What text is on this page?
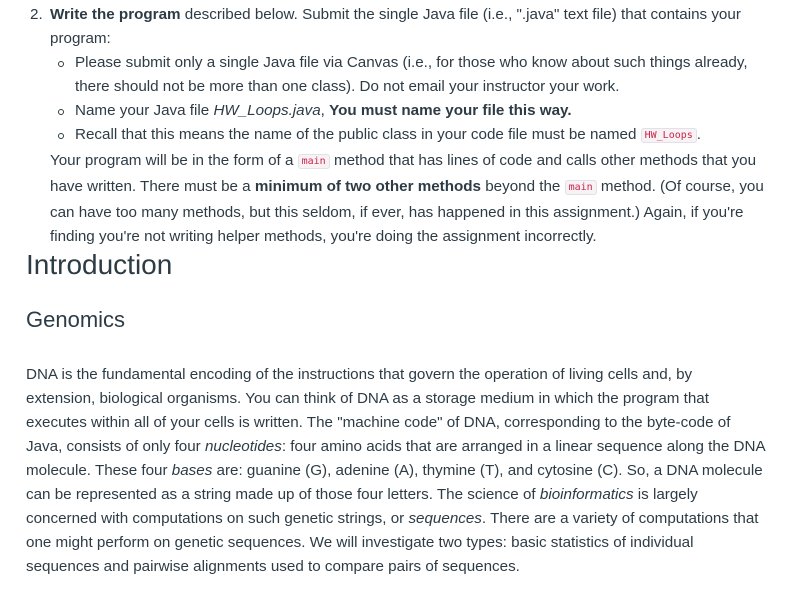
2. Write the program described below. Submit the single Java file (i.e., ".java" text file) that contains your program:
Please submit only a single Java file via Canvas (i.e., for those who know about such things already, there should not be more than one class). Do not email your instructor your work.
Name your Java file HW_Loops.java, You must name your file this way.
Recall that this means the name of the public class in your code file must be named HW_Loops .
Your program will be in the form of a main method that has lines of code and calls other methods that you have written. There must be a minimum of two other methods beyond the main method. (Of course, you can have too many methods, but this seldom, if ever, has happened in this assignment.) Again, if you're finding you're not writing helper methods, you're doing the assignment incorrectly.
Introduction
Genomics

DNA is the fundamental encoding of the instructions that govern the operation of living cells and, by extension, biological organisms. You can think of DNA as a storage medium in which the program that executes within all of your cells is written. The "machine code" of DNA, corresponding to the byte-code of Java, consists of only four nucleotides: four amino acids that are arranged in a linear sequence along the DNA molecule. These four bases are: guanine (G), adenine (A), thymine (T), and cytosine (C). So, a DNA molecule can be represented as a string made up of those four letters. The science of bioinformatics is largely concerned with computations on such genetic strings, or sequences. There are a variety of computations that one might perform on genetic sequences. We will investigate two types: basic statistics of individual sequences and pairwise alignments used to compare pairs of sequences.
